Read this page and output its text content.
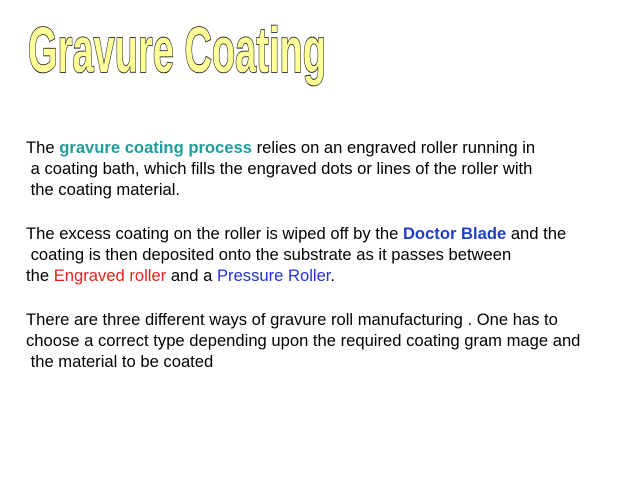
Gravure Coating
The gravure coating process relies on an engraved roller running in
a coating bath, which fills the engraved dots or lines of the roller with
the coating material.
The excess coating on the roller is wiped off by the Doctor Blade and the
coating is then deposited onto the substrate as it passes between
the Engraved roller and a Pressure Roller.
There are three different ways of gravure roll manufacturing . One has to
choose a correct type depending upon the required coating gram mage and
the material to be coated
